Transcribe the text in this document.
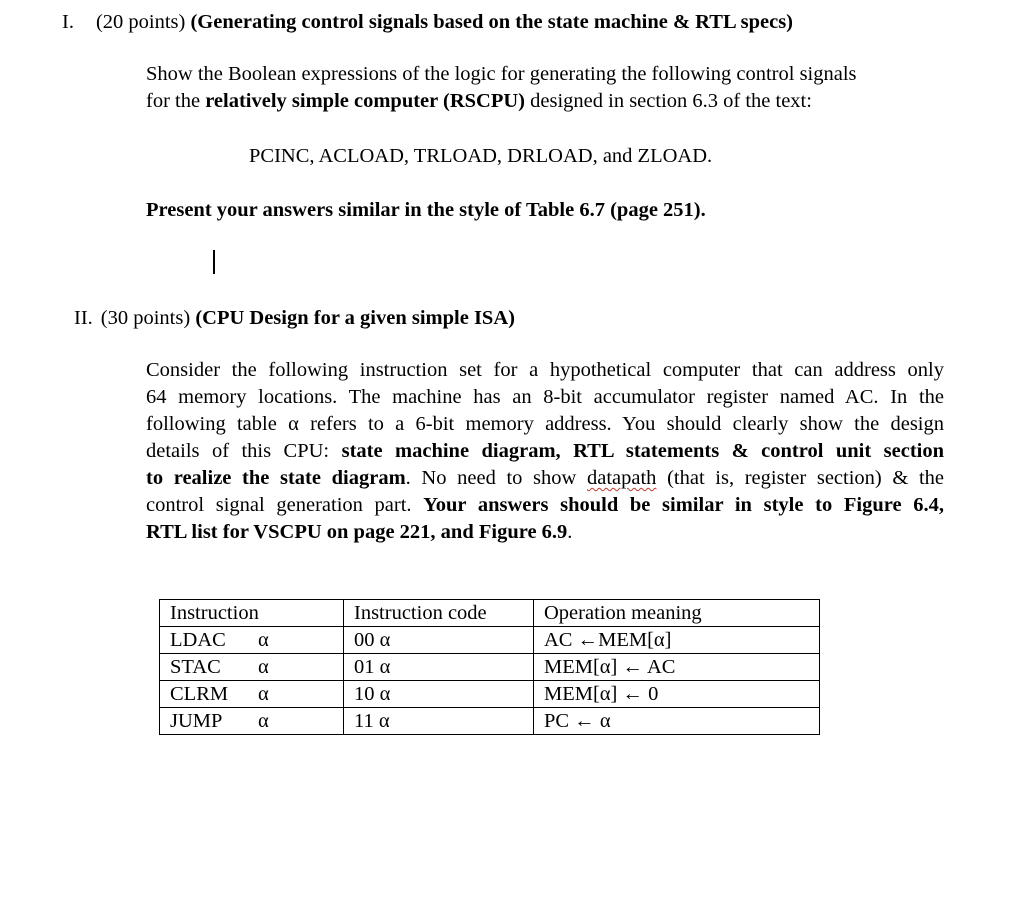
I. (20 points) (Generating control signals based on the state machine & RTL specs)
Show the Boolean expressions of the logic for generating the following control signals
for the relatively simple computer (RSCPU) designed in section 6.3 of the text:
PCINC, ACLOAD, TRLOAD, DRLOAD, and ZLOAD.
Present your answers similar in the style of Table 6.7 (page 251).
II. (30 points) (CPU Design for a given simple ISA)
Consider the following instruction set for a hypothetical computer that can address only
64 memory locations. The machine has an 8-bit accumulator register named AC. In the
following table α refers to a 6-bit memory address. You should clearly show the design
details of this CPU: state machine diagram, RTL statements & control unit section
to realize the state diagram. No need to show datapath (that is, register section) & the
control signal generation part. Your answers should be similar in style to Figure 6.4,
RTL list for VSCPU on page 221, and Figure 6.9.
Instruction	Instruction code	Operation meaning
LDAC α	00 α	AC ←MEM[α]
STAC α	01 α	MEM[α] ← AC
CLRM α	10 α	MEM[α] ← 0
JUMP α	11 α	PC ← α
